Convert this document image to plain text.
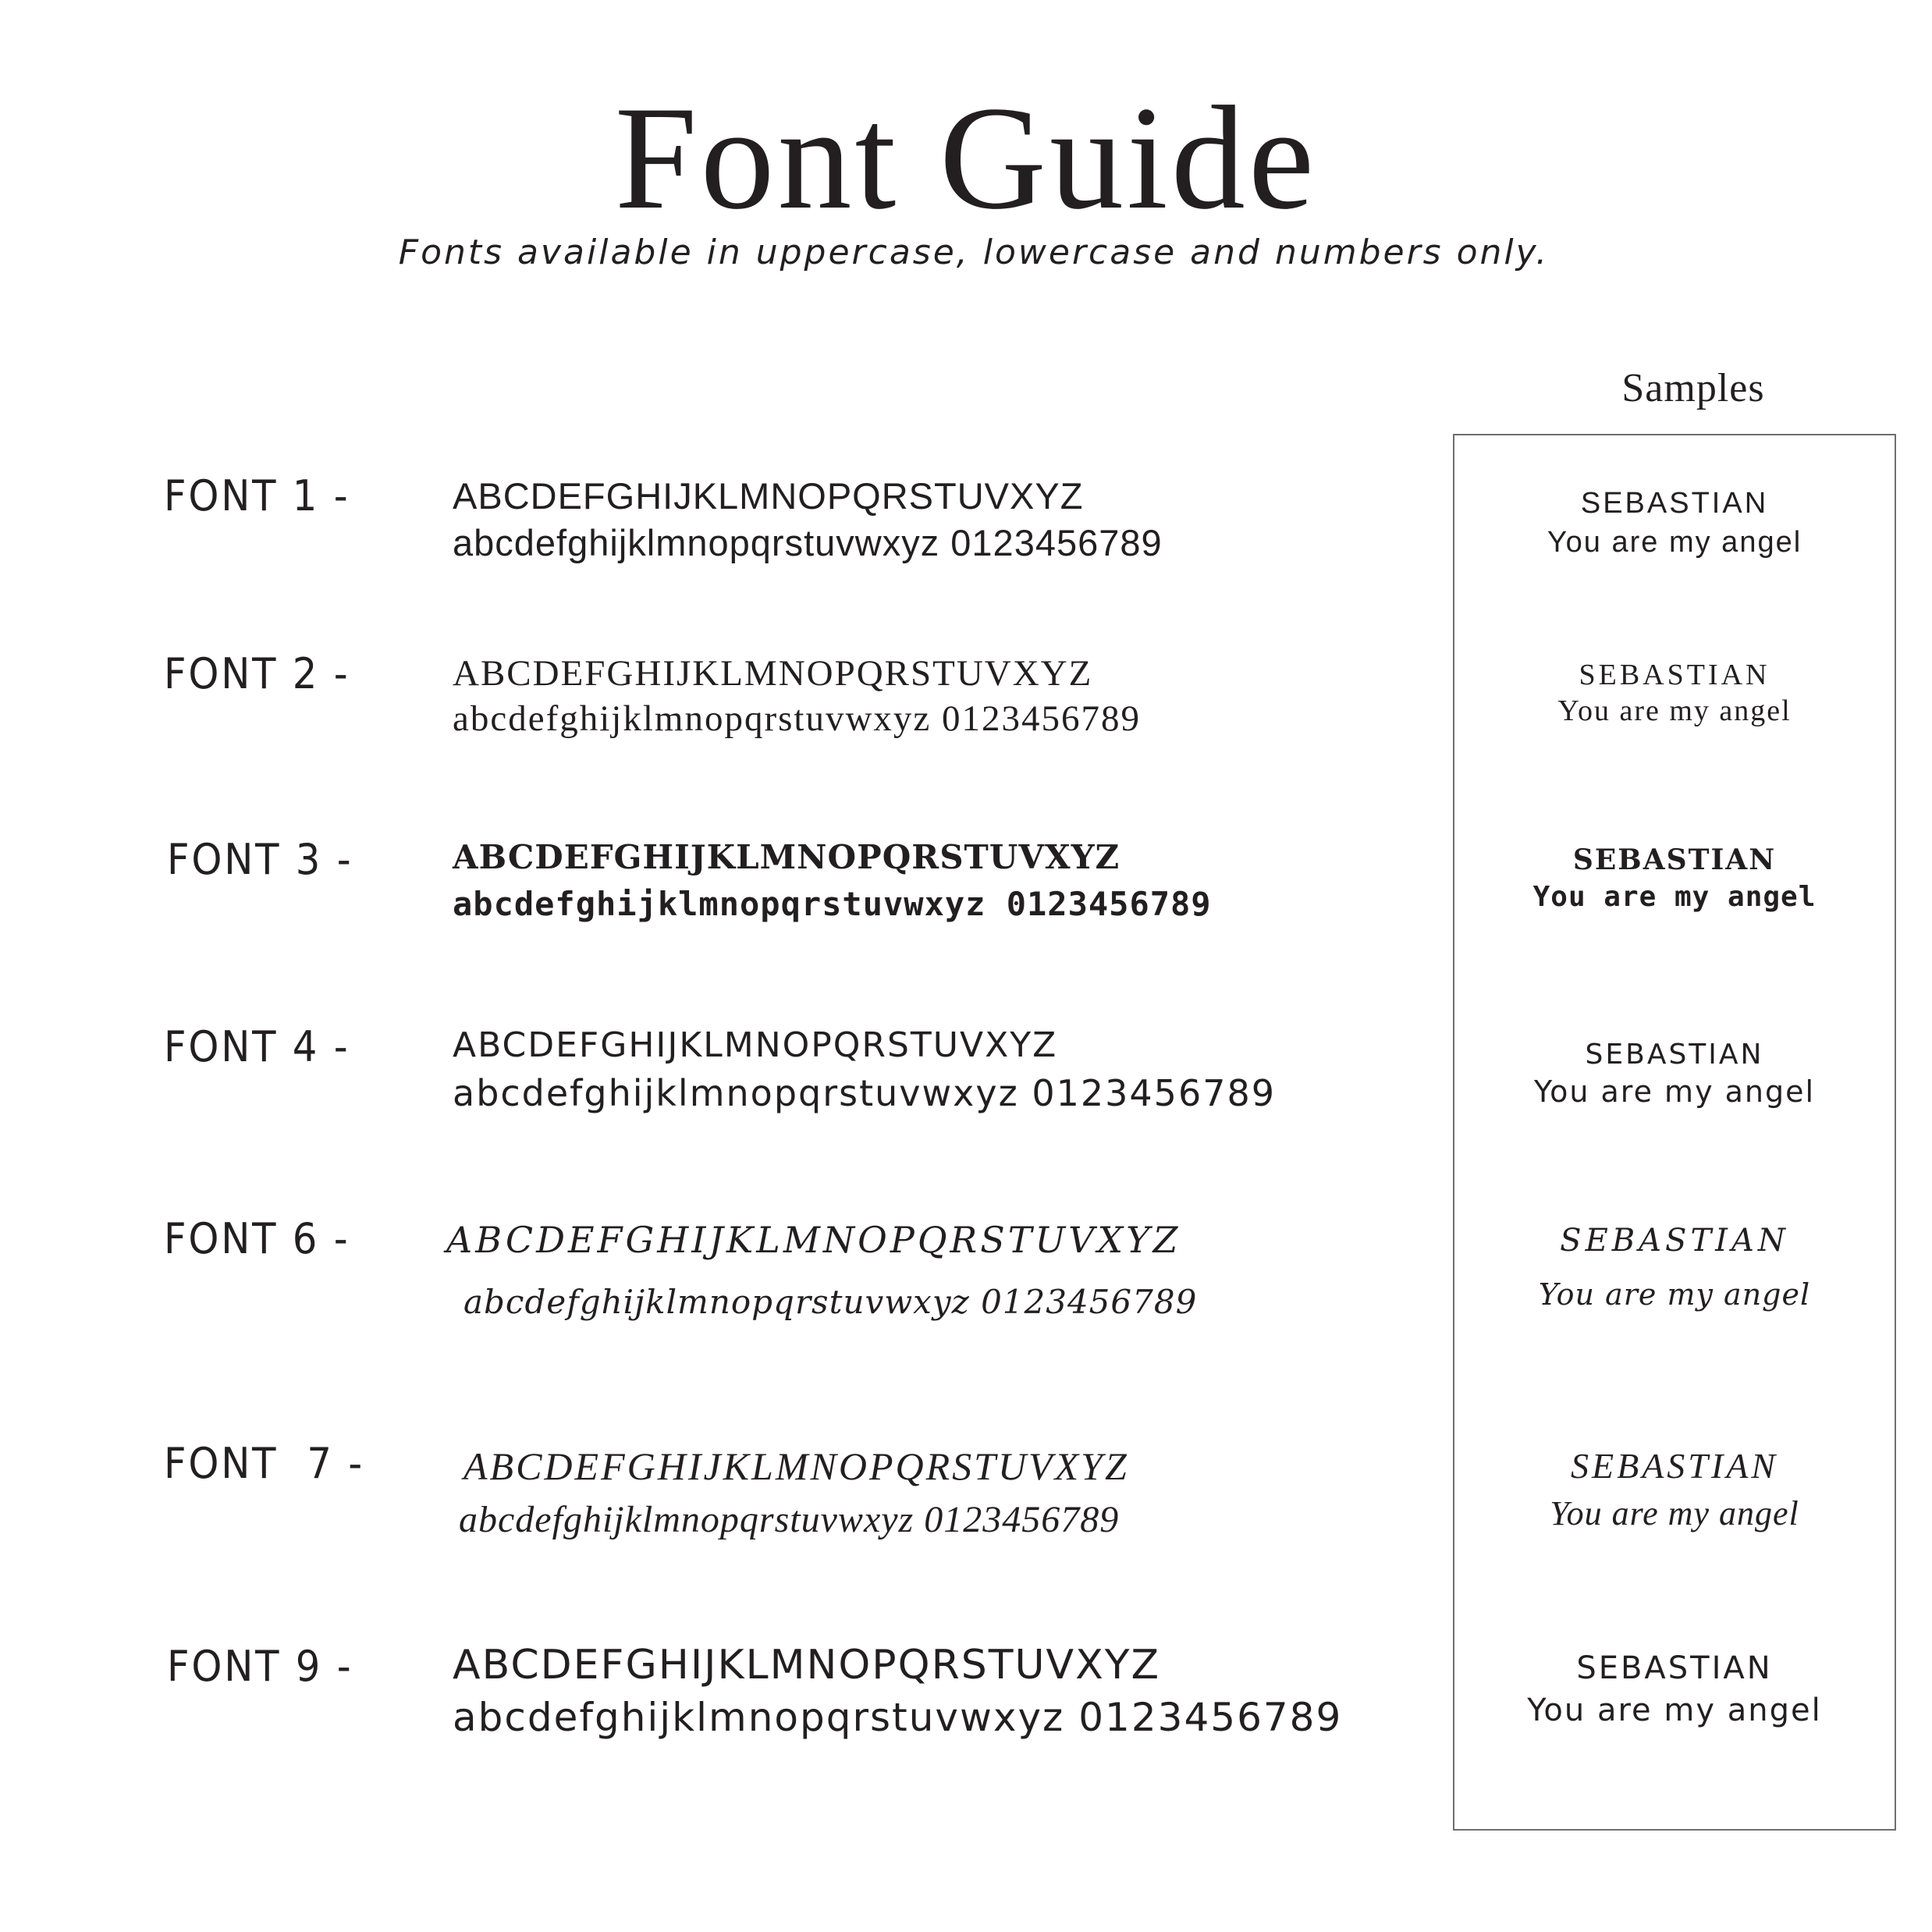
Font Guide
Fonts available in uppercase, lowercase and numbers only.
Samples
FONT 1 -	ABCDEFGHIJKLMNOPQRSTUVXYZ
abcdefghijklmnopqrstuvwxyz 0123456789
SEBASTIAN
You are my angel
FONT 2 -	ABCDEFGHIJKLMNOPQRSTUVXYZ
abcdefghijklmnopqrstuvwxyz 0123456789
SEBASTIAN
You are my angel
FONT 3 -	ABCDEFGHIJKLMNOPQRSTUVXYZ
abcdefghijklmnopqrstuvwxyz 0123456789
SEBASTIAN
You are my angel
FONT 4 -	ABCDEFGHIJKLMNOPQRSTUVXYZ
abcdefghijklmnopqrstuvwxyz 0123456789
SEBASTIAN
You are my angel
FONT 6 -	ABCDEFGHIJKLMNOPQRSTUVXYZ
abcdefghijklmnopqrstuvwxyz 0123456789
SEBASTIAN
You are my angel
FONT  7 -	ABCDEFGHIJKLMNOPQRSTUVXYZ
abcdefghijklmnopqrstuvwxyz 0123456789
SEBASTIAN
You are my angel
FONT 9 - ABCDEFGHIJKLMNOPQRSTUVXYZ
abcdefghijklmnopqrstuvwxyz 0123456789
SEBASTIAN
You are my angel
